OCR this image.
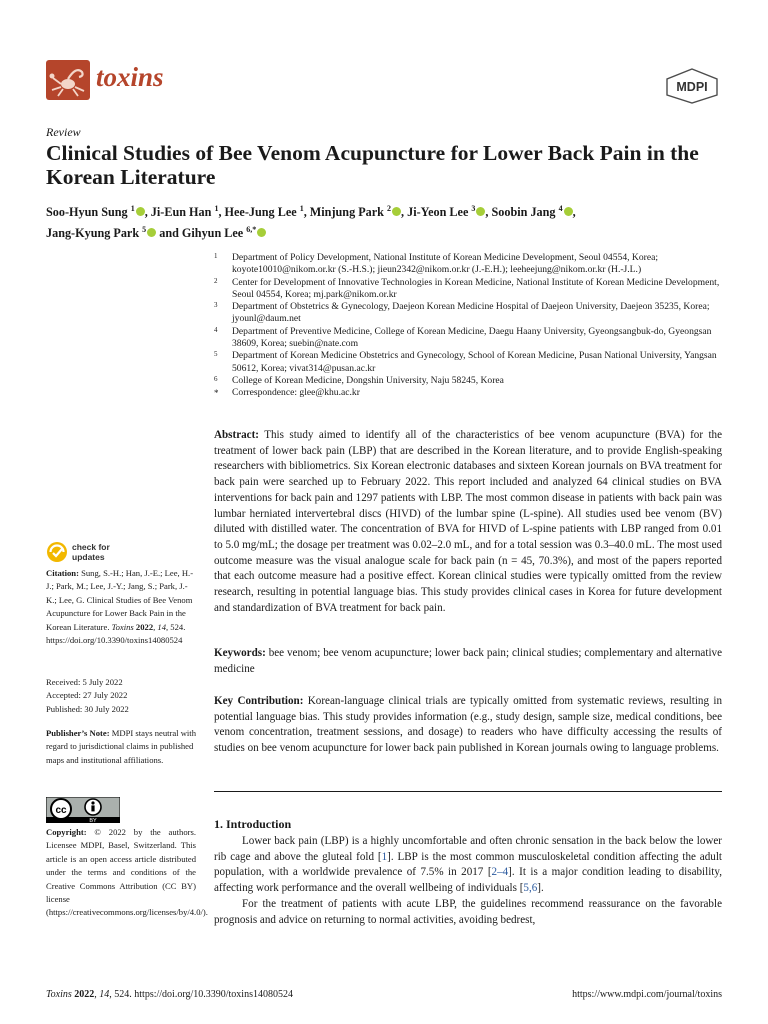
toxins	MDPI
Review
Clinical Studies of Bee Venom Acupuncture for Lower Back Pain in the Korean Literature
Soo-Hyun Sung $^1$ , Ji-Eun Han $^1$, Hee-Jung Lee $^1$, Minjung Park $^2$ , Ji-Yeon Lee $^3$ , Soobin Jang $^4$ ,
Jang-Kyung Park $^5$ and Gihyun Lee $^{6,*}$
1 Department of Policy Development, National Institute of Korean Medicine Development, Seoul 04554, Korea; koyote10010@nikom.or.kr (S.-H.S.); jieun2342@nikom.or.kr (J.-E.H.); leeheejung@nikom.or.kr (H.-J.L.)
2 Center for Development of Innovative Technologies in Korean Medicine, National Institute of Korean Medicine Development, Seoul 04554, Korea; mj.park@nikom.or.kr
3 Department of Obstetrics & Gynecology, Daejeon Korean Medicine Hospital of Daejeon University, Daejeon 35235, Korea; jyounl@daum.net
4 Department of Preventive Medicine, College of Korean Medicine, Daegu Haany University, Gyeongsangbuk-do, Gyeongsan 38609, Korea; suebin@nate.com
5 Department of Korean Medicine Obstetrics and Gynecology, School of Korean Medicine, Pusan National University, Yangsan 50612, Korea; vivat314@pusan.ac.kr
6 College of Korean Medicine, Dongshin University, Naju 58245, Korea
* Correspondence: glee@khu.ac.kr
Abstract: This study aimed to identify all of the characteristics of bee venom acupuncture (BVA) for the treatment of lower back pain (LBP) that are described in the Korean literature, and to provide English-speaking researchers with bibliometrics. Six Korean electronic databases and sixteen Korean journals on BVA treatment for back pain were searched up to February 2022. This report included and analyzed 64 clinical studies on BVA interventions for back pain and 1297 patients with LBP. The most common disease in patients with back pain was lumbar herniated intervertebral discs (HIVD) of the lumbar spine (L-spine). All studies used bee venom (BV) diluted with distilled water. The concentration of BVA for HIVD of L-spine patients with LBP ranged from 0.01 to 5.0 mg/mL; the dosage per treatment was 0.02–2.0 mL, and for a total session was 0.3–40.0 mL. The most used outcome measure was the visual analogue scale for back pain (n = 45, 70.3%), and most of the papers reported that each outcome measure had a positive effect. Korean clinical studies were typically omitted from the review research, resulting in potential language bias. This study provides clinical cases in Korea for future development and standardization of BVA treatment for back pain.
Keywords: bee venom; bee venom acupuncture; lower back pain; clinical studies; complementary and alternative medicine
Key Contribution: Korean-language clinical trials are typically omitted from systematic reviews, resulting in potential language bias. This study provides information (e.g., study design, sample size, medical conditions, bee venom concentration, treatment sessions, and dosage) to readers who have difficulty accessing the results of studies on bee venom acupuncture for lower back pain published in Korean journals owing to language problems.
1. Introduction

Lower back pain (LBP) is a highly uncomfortable and often chronic sensation in the back below the lower rib cage and above the gluteal fold [1]. LBP is the most common musculoskeletal condition affecting the adult population, with a worldwide prevalence of 7.5% in 2017 [2–4]. It is a major condition leading to disability, affecting work performance and the overall wellbeing of individuals [5,6].

For the treatment of patients with acute LBP, the guidelines recommend reassurance on the favorable prognosis and advice on returning to normal activities, avoiding bedrest,

check for
updates
Citation: Sung, S.-H.; Han, J.-E.; Lee, H.-J.; Park, M.; Lee, J.-Y.; Jang, S.; Park, J.-K.; Lee, G. Clinical Studies of Bee Venom Acupuncture for Lower Back Pain in the Korean Literature. Toxins 2022, 14, 524. https://doi.org/10.3390/toxins14080524
Received: 5 July 2022
Accepted: 27 July 2022
Published: 30 July 2022
Publisher’s Note: MDPI stays neutral with regard to jurisdictional claims in published maps and institutional affiliations.
cc
BY
Copyright: © 2022 by the authors. Licensee MDPI, Basel, Switzerland. This article is an open access article distributed under the terms and conditions of the Creative Commons Attribution (CC BY) license (https://creativecommons.org/licenses/by/4.0/).
Toxins 2022, 14, 524. https://doi.org/10.3390/toxins14080524	https://www.mdpi.com/journal/toxins
